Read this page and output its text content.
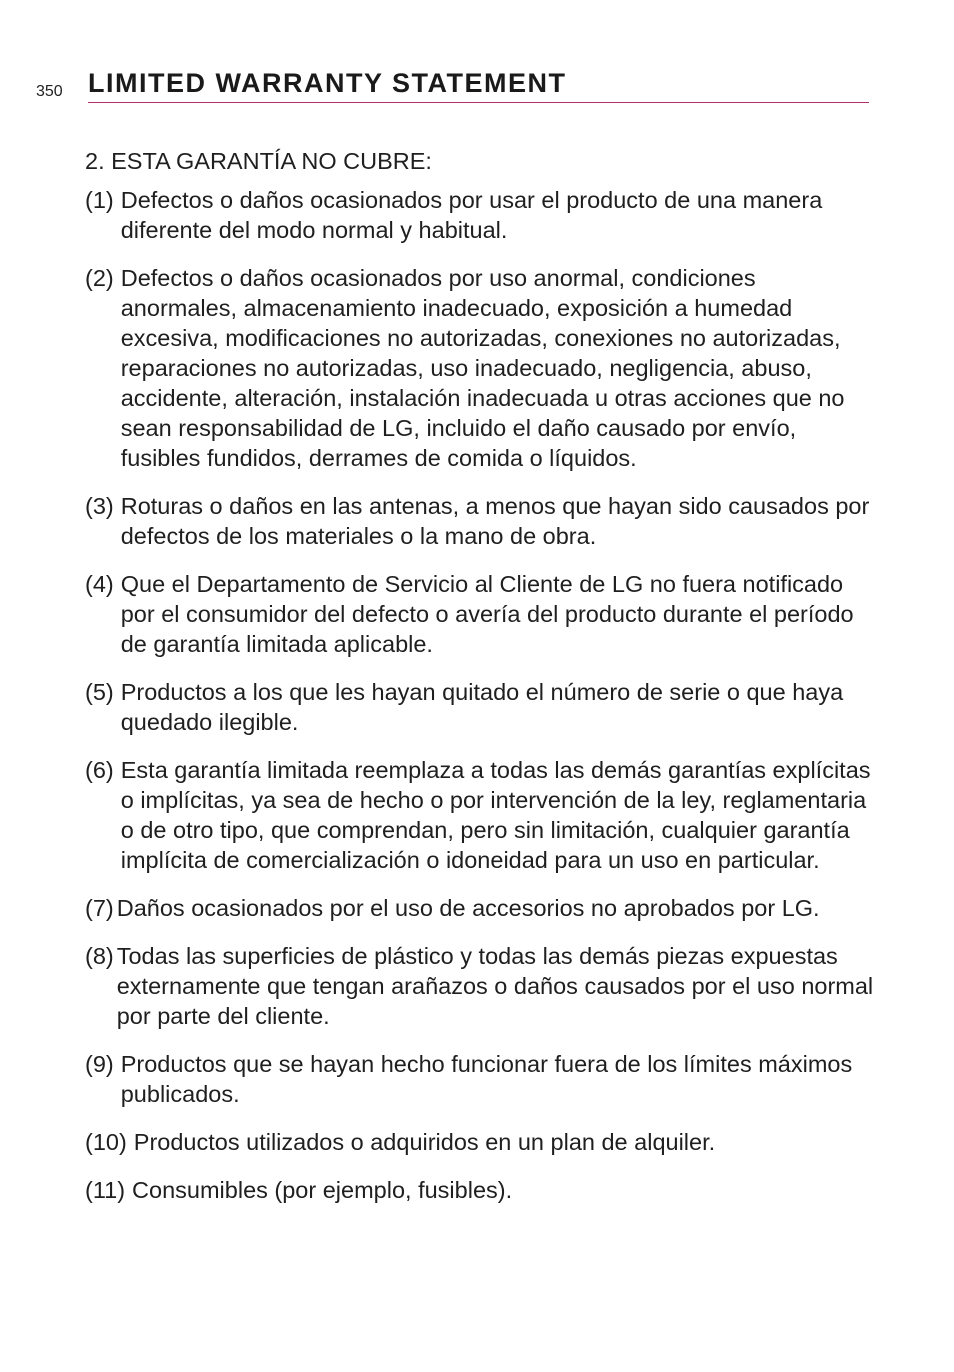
350 LIMITED WARRANTY STATEMENT
2. ESTA GARANTÍA NO CUBRE:
(1) Defectos o daños ocasionados por usar el producto de una manera diferente del modo normal y habitual.
(2) Defectos o daños ocasionados por uso anormal, condiciones anormales, almacenamiento inadecuado, exposición a humedad excesiva, modificaciones no autorizadas, conexiones no autorizadas, reparaciones no autorizadas, uso inadecuado, negligencia, abuso, accidente, alteración, instalación inadecuada u otras acciones que no sean responsabilidad de LG, incluido el daño causado por envío, fusibles fundidos, derrames de comida o líquidos.
(3) Roturas o daños en las antenas, a menos que hayan sido causados por defectos de los materiales o la mano de obra.
(4) Que el Departamento de Servicio al Cliente de LG no fuera notificado por el consumidor del defecto o avería del producto durante el período de garantía limitada aplicable.
(5) Productos a los que les hayan quitado el número de serie o que haya quedado ilegible.
(6) Esta garantía limitada reemplaza a todas las demás garantías explícitas o implícitas, ya sea de hecho o por intervención de la ley, reglamentaria o de otro tipo, que comprendan, pero sin limitación, cualquier garantía implícita de comercialización o idoneidad para un uso en particular.
(7) Daños ocasionados por el uso de accesorios no aprobados por LG.
(8) Todas las superficies de plástico y todas las demás piezas expuestas externamente que tengan arañazos o daños causados por el uso normal por parte del cliente.
(9) Productos que se hayan hecho funcionar fuera de los límites máximos publicados.
(10) Productos utilizados o adquiridos en un plan de alquiler.
(11) Consumibles (por ejemplo, fusibles).
